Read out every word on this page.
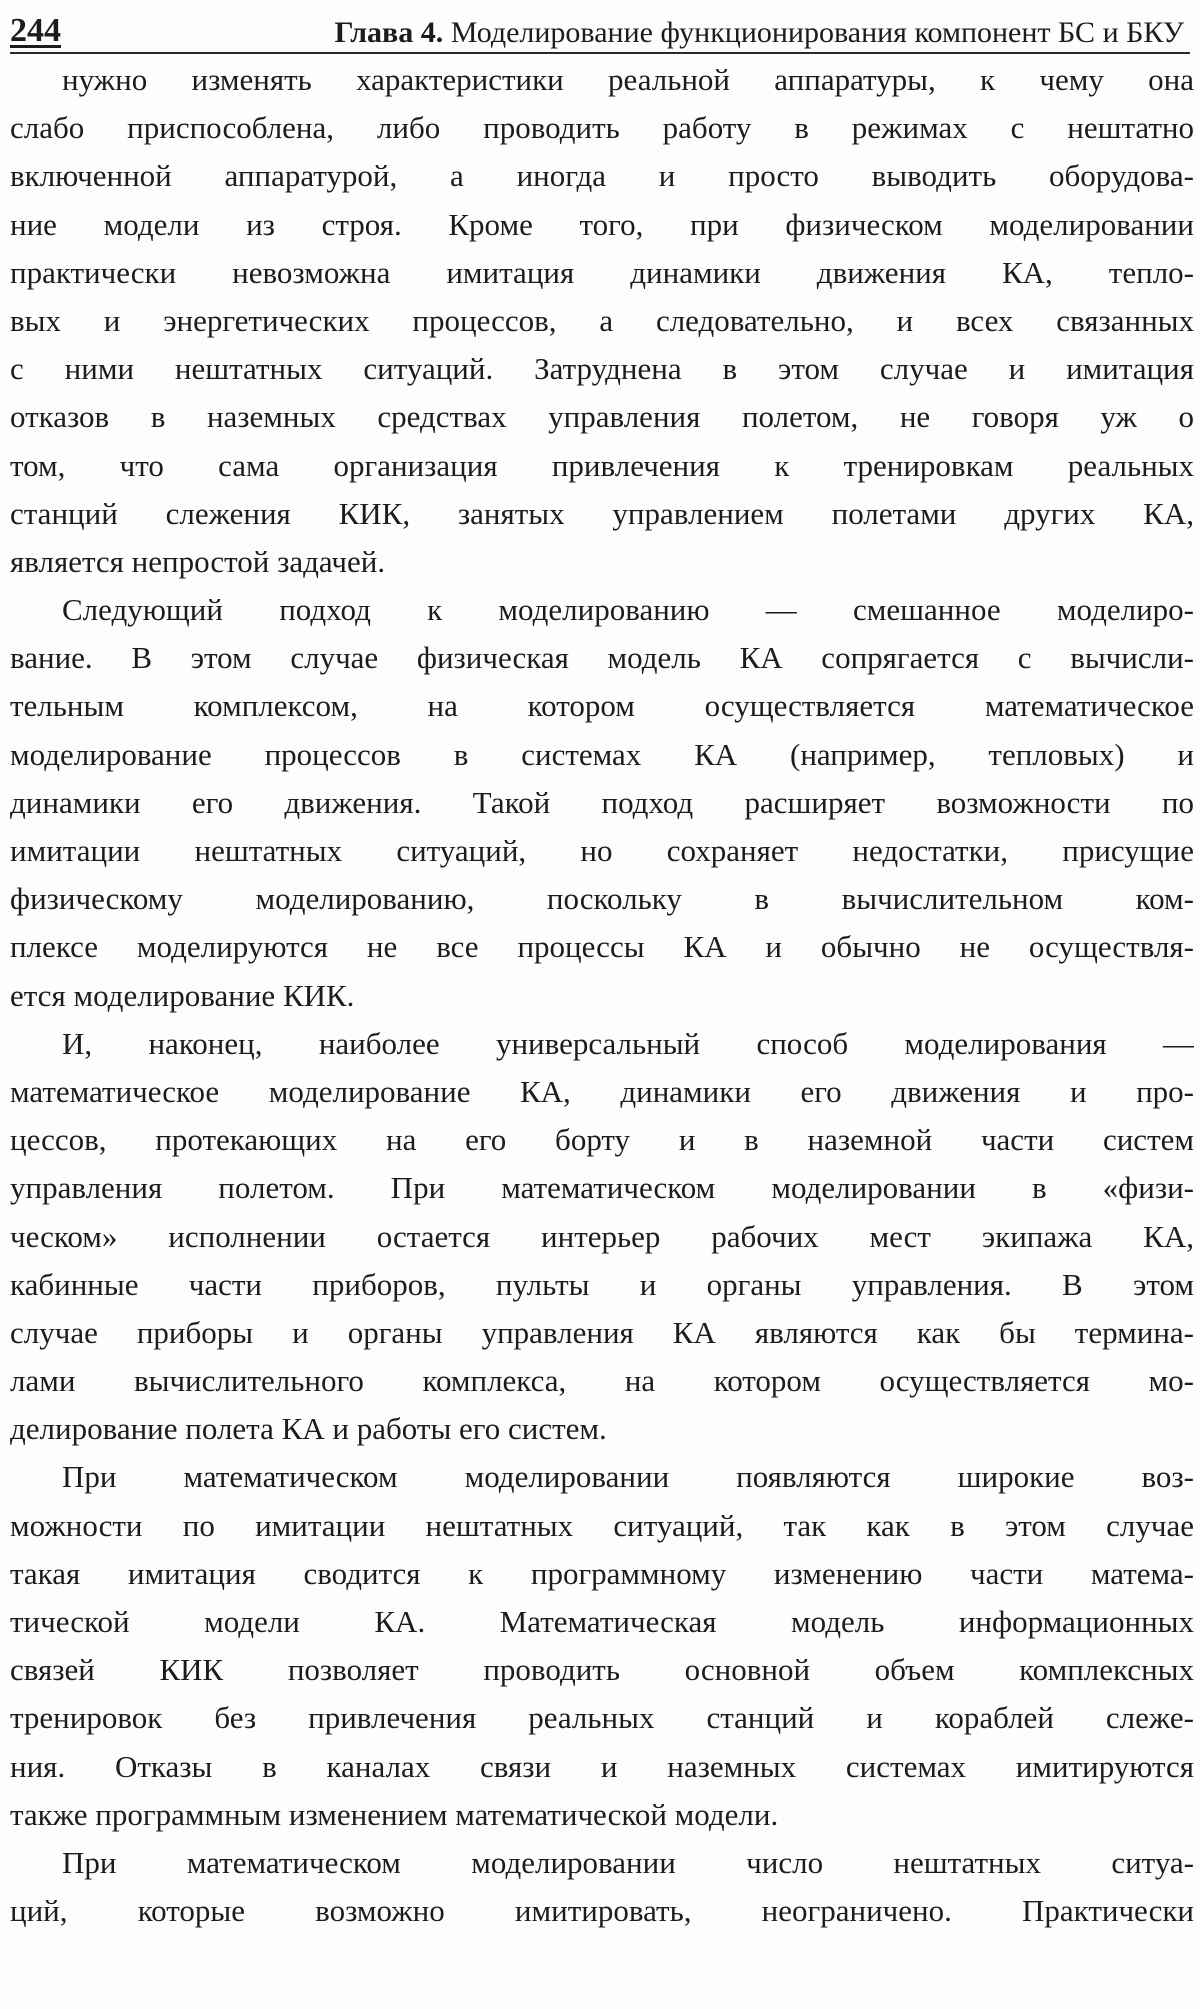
244	Глава 4. Моделирование функционирования компонент БС и БКУ
нужно изменять характеристики реальной аппаратуры, к чему она
слабо приспособлена, либо проводить работу в режимах с нештатно
включенной аппаратурой, а иногда и просто выводить оборудова-
ние модели из строя. Кроме того, при физическом моделировании
практически невозможна имитация динамики движения КА, тепло-
вых и энергетических процессов, а следовательно, и всех связанных
с ними нештатных ситуаций. Затруднена в этом случае и имитация
отказов в наземных средствах управления полетом, не говоря уж о
том, что сама организация привлечения к тренировкам реальных
станций слежения КИК, занятых управлением полетами других КА,
является непростой задачей.
Следующий подход к моделированию — смешанное моделиро-
вание. В этом случае физическая модель КА сопрягается с вычисли-
тельным комплексом, на котором осуществляется математическое
моделирование процессов в системах КА (например, тепловых) и
динамики его движения. Такой подход расширяет возможности по
имитации нештатных ситуаций, но сохраняет недостатки, присущие
физическому моделированию, поскольку в вычислительном ком-
плексе моделируются не все процессы КА и обычно не осуществля-
ется моделирование КИК.
И, наконец, наиболее универсальный способ моделирования —
математическое моделирование КА, динамики его движения и про-
цессов, протекающих на его борту и в наземной части систем
управления полетом. При математическом моделировании в «физи-
ческом» исполнении остается интерьер рабочих мест экипажа КА,
кабинные части приборов, пульты и органы управления. В этом
случае приборы и органы управления КА являются как бы термина-
лами вычислительного комплекса, на котором осуществляется мо-
делирование полета КА и работы его систем.
При математическом моделировании появляются широкие воз-
можности по имитации нештатных ситуаций, так как в этом случае
такая имитация сводится к программному изменению части матема-
тической модели КА. Математическая модель информационных
связей КИК позволяет проводить основной объем комплексных
тренировок без привлечения реальных станций и кораблей слеже-
ния. Отказы в каналах связи и наземных системах имитируются
также программным изменением математической модели.
При математическом моделировании число нештатных ситуа-
ций, которые возможно имитировать, неограничено. Практически
